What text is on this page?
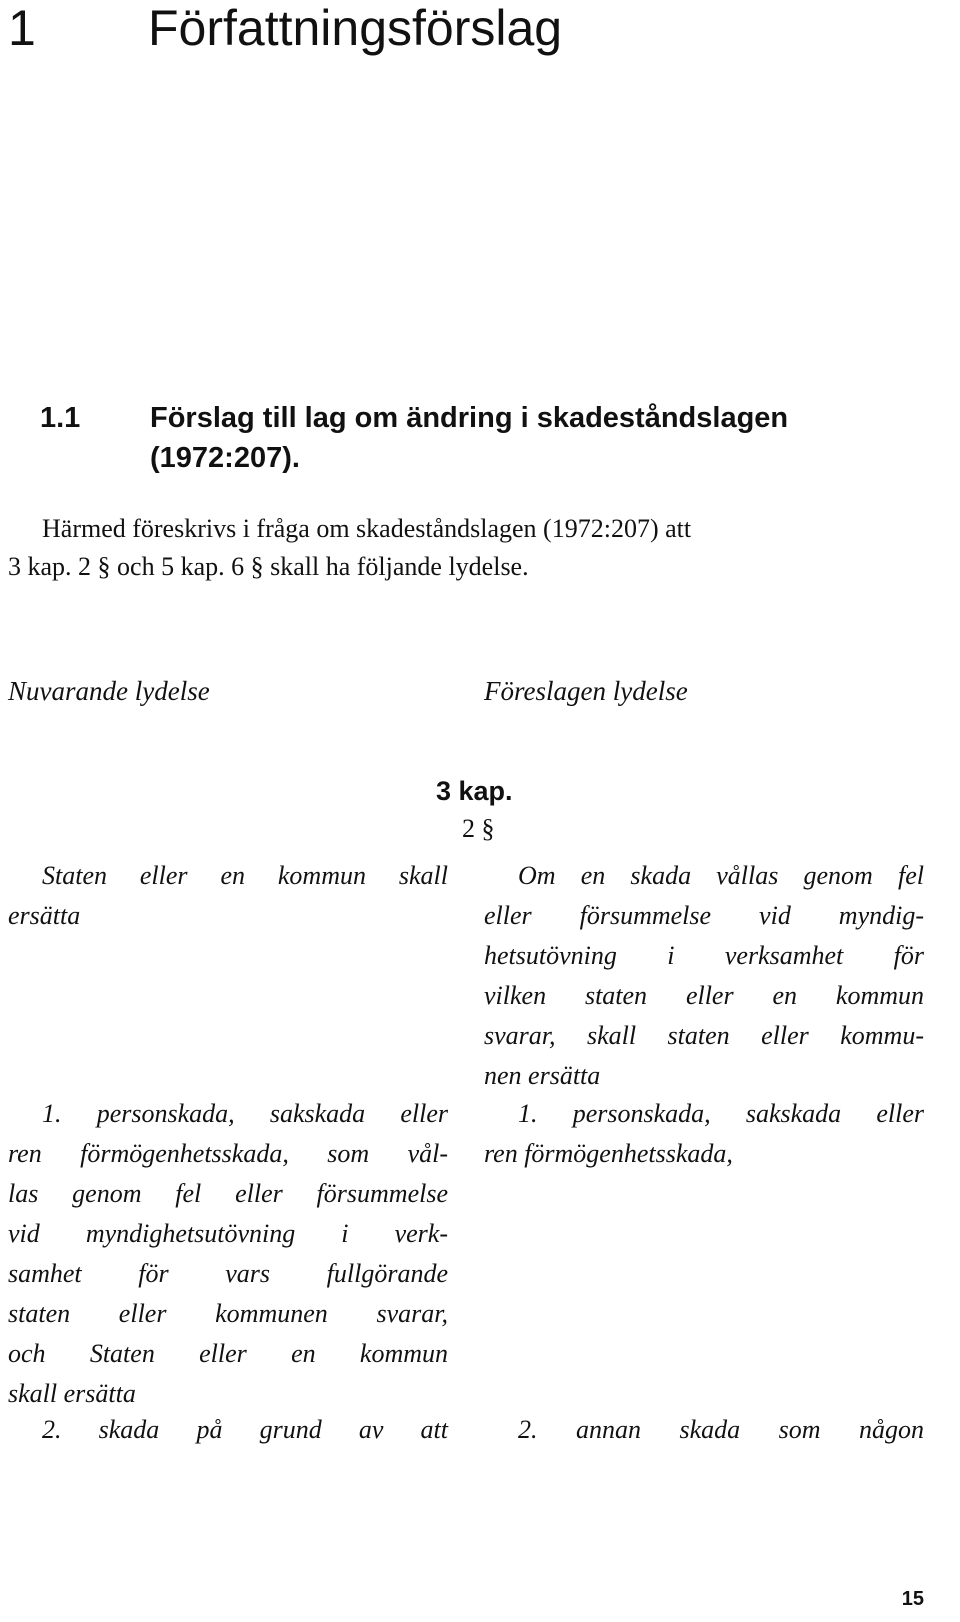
1 Författningsförslag
1.1 Förslag till lag om ändring i skadeståndslagen
(1972:207).
Härmed föreskrivs i fråga om skadeståndslagen (1972:207) att
3 kap. 2 § och 5 kap. 6 § skall ha följande lydelse.
Nuvarande lydelse	Föreslagen lydelse
3 kap.
2 §
Staten eller en kommun skall
ersätta
1. personskada, sakskada eller
ren förmögenhetsskada, som vål-
las genom fel eller försummelse
vid myndighetsutövning i verk-
samhet för vars fullgörande
staten eller kommunen svarar,
och Staten eller en kommun
skall ersätta
2. skada på grund av att
Om en skada vållas genom fel
eller försummelse vid myndig-
hetsutövning i verksamhet för
vilken staten eller en kommun
svarar, skall staten eller kommu-
nen ersätta
1. personskada, sakskada eller
ren förmögenhetsskada,
2. annan skada som någon
15
